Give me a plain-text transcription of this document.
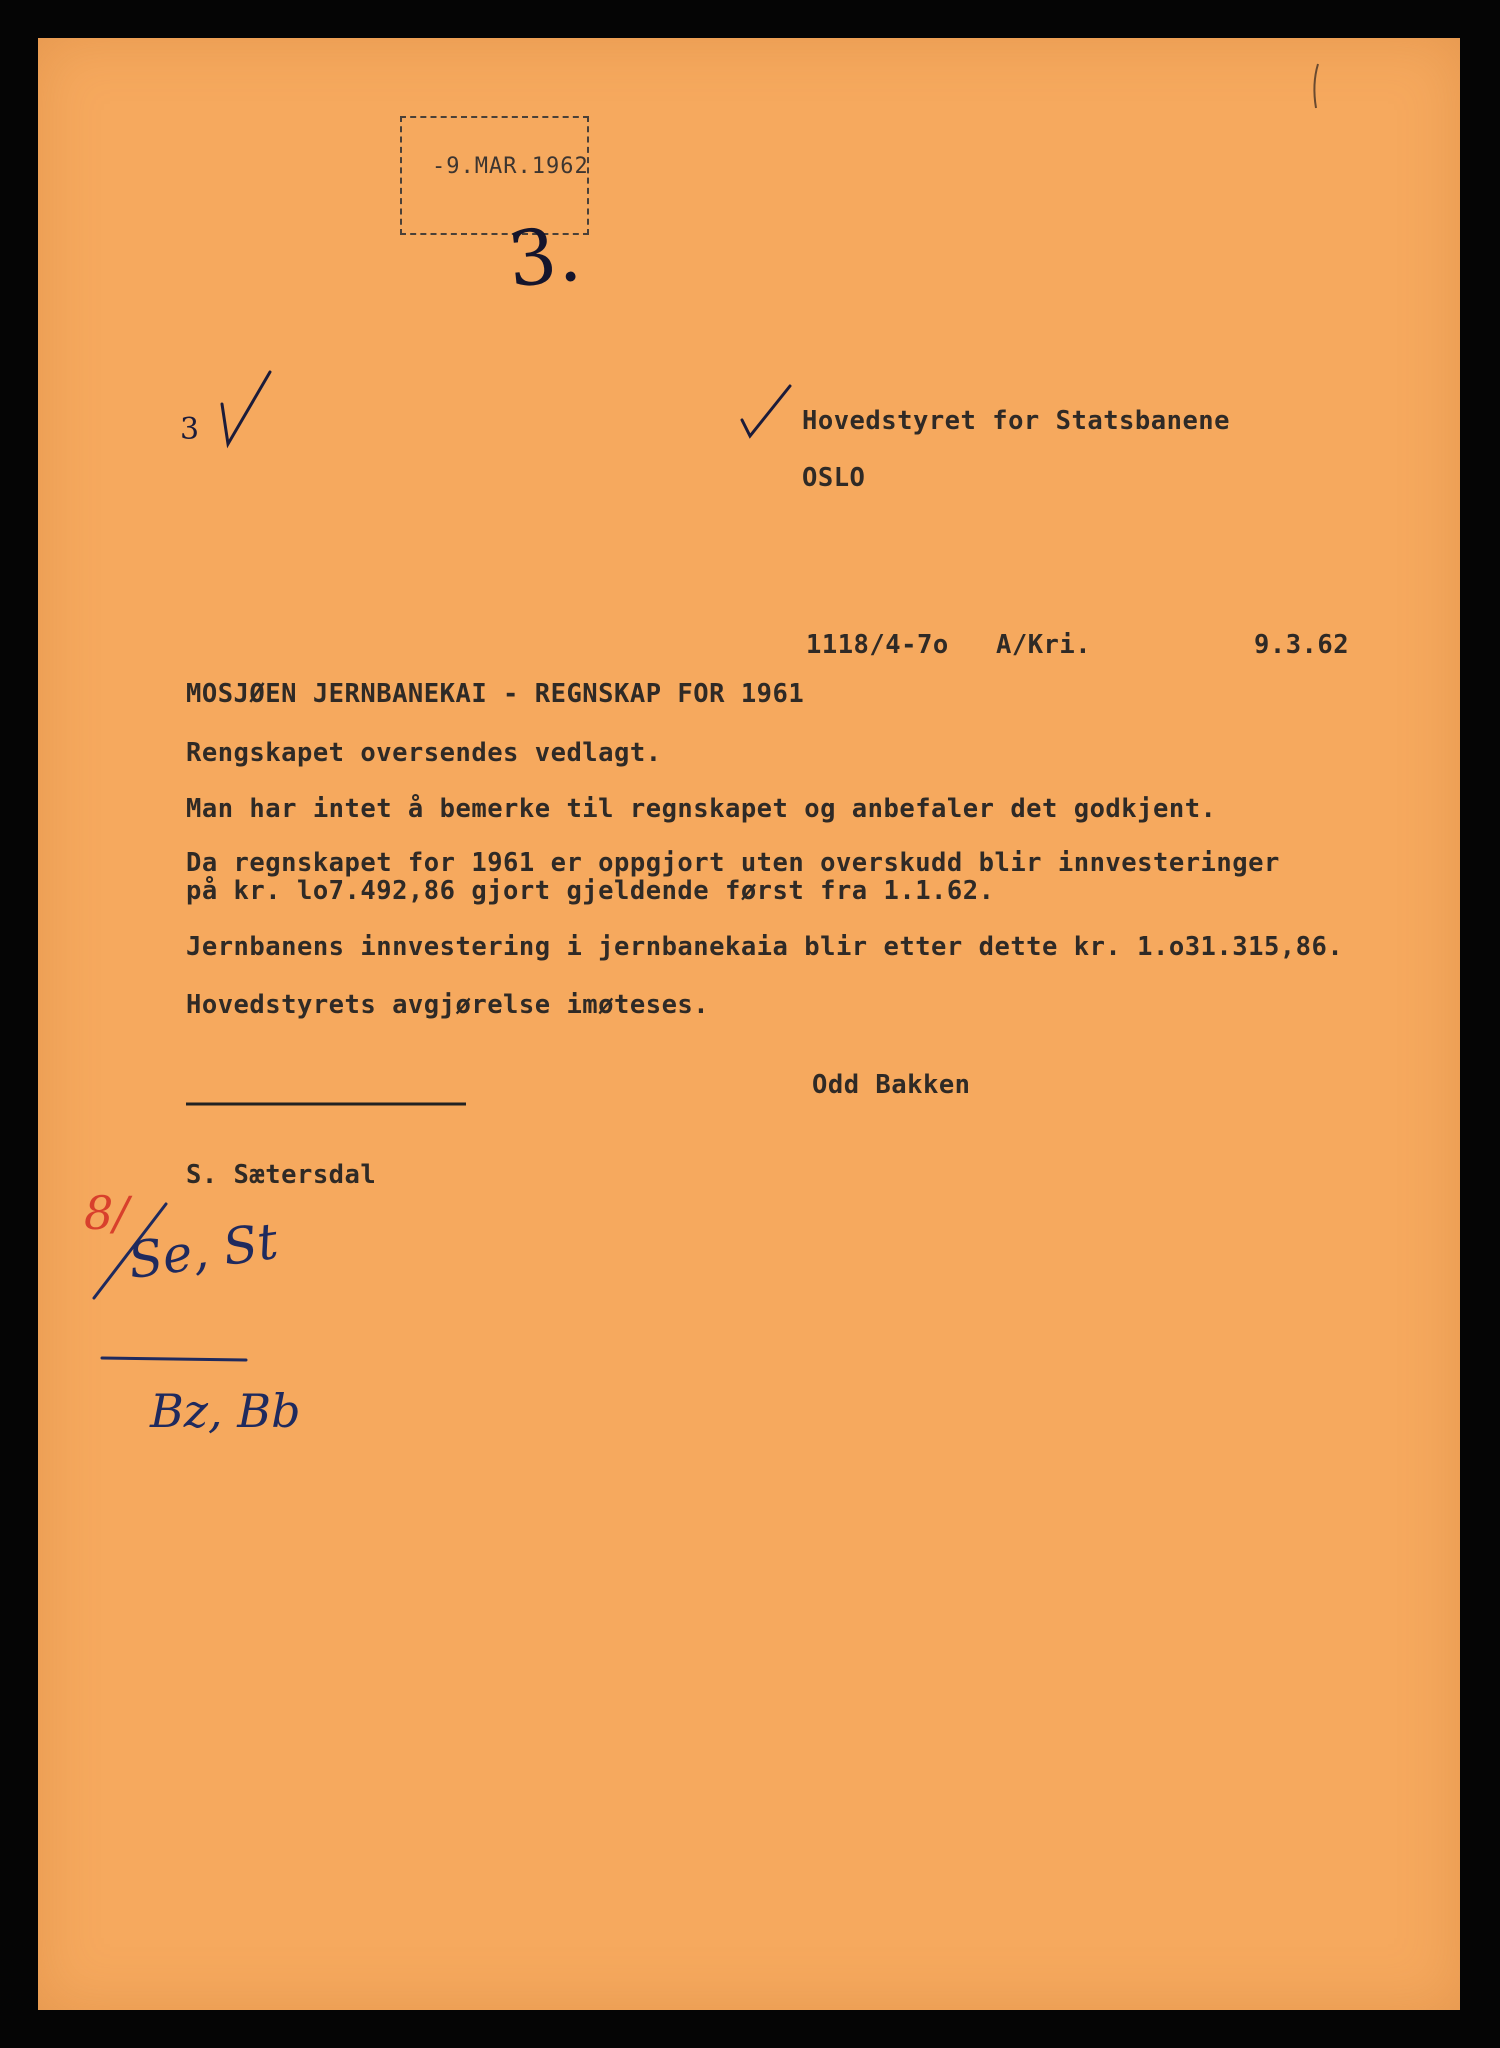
-9.MAR.1962
3.
3
8/
Se, St
Bz, Bb
Hovedstyret for Statsbanene
OSLO
1118/4-7o A/Kri.	9.3.62
MOSJØEN JERNBANEKAI - REGNSKAP FOR 1961
Rengskapet oversendes vedlagt.
Man har intet å bemerke til regnskapet og anbefaler det godkjent.
Da regnskapet for 1961 er oppgjort uten overskudd blir innvesteringer
på kr. lo7.492,86 gjort gjeldende først fra 1.1.62.
Jernbanens innvestering i jernbanekaia blir etter dette kr. 1.o31.315,86.
Hovedstyrets avgjørelse imøteses.
Odd Bakken
S. Sætersdal
